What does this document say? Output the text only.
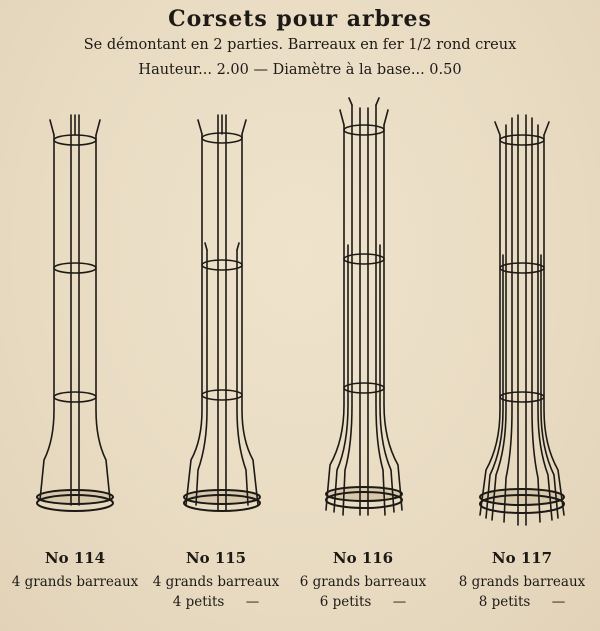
Corsets pour arbres
Se démontant en 2 parties. Barreaux en fer 1/2 rond creux
Hauteur... 2.00 — Diamètre à la base... 0.50
No 114
4 grands barreaux
No 115
4 grands barreaux
4 petits     —
No 116
6 grands barreaux
6 petits     —
No 117
8 grands barreaux
8 petits     —
